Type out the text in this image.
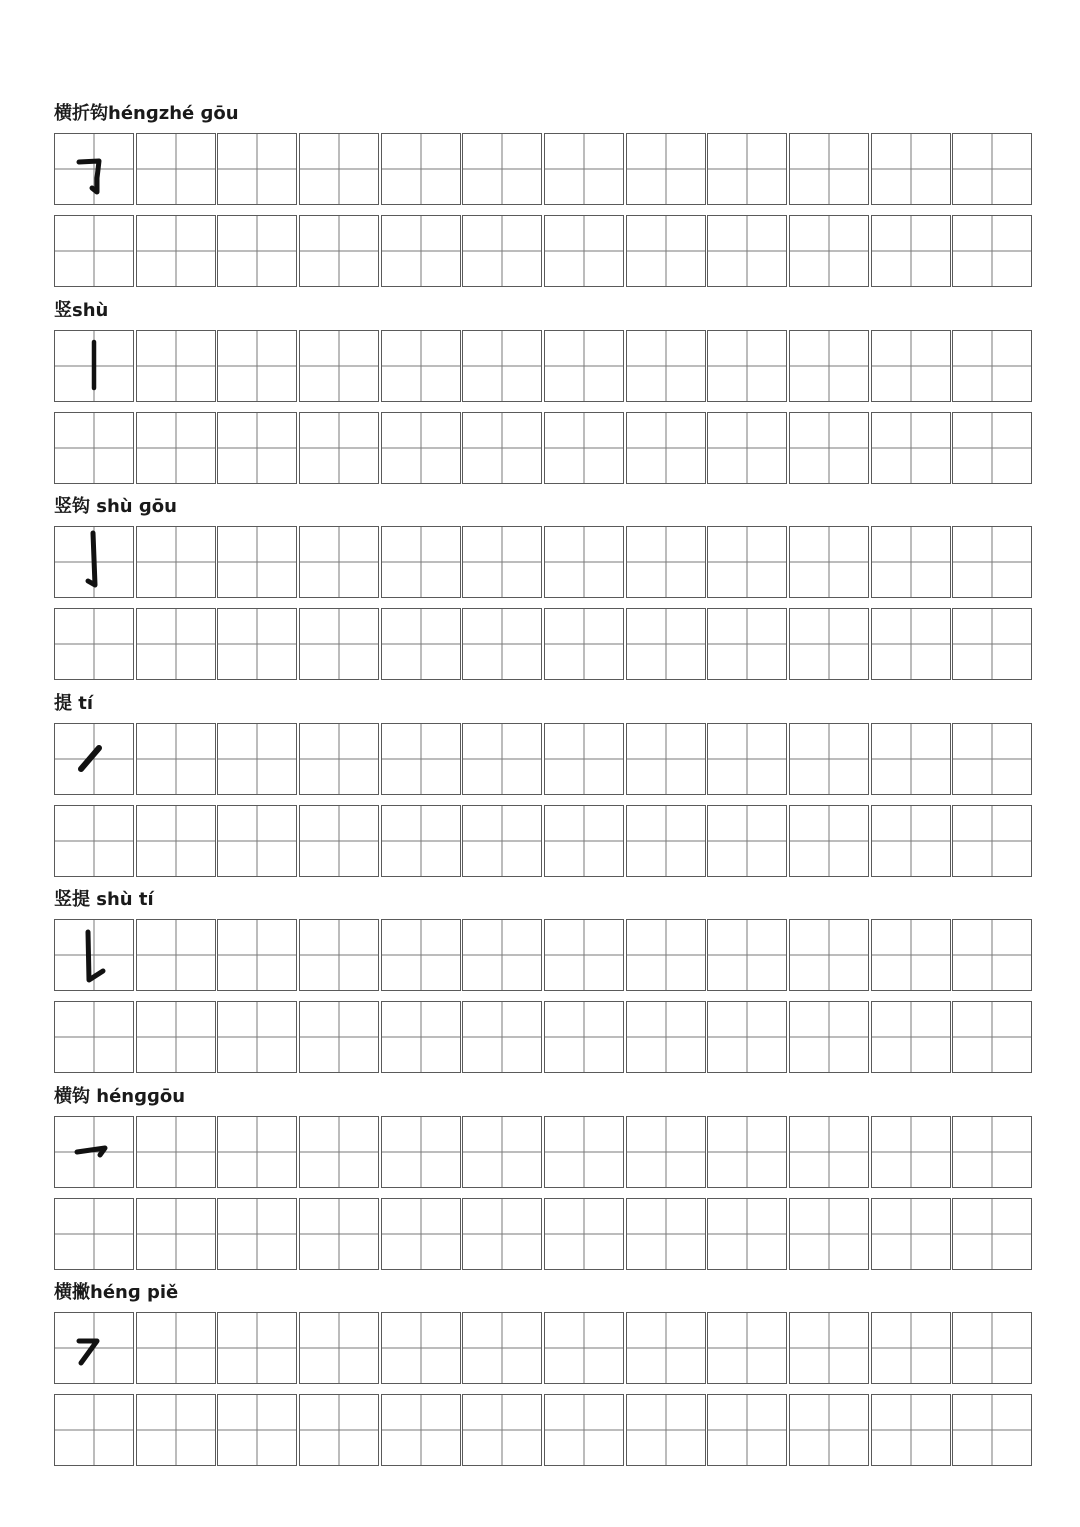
横折钩hénɡzhé ɡōu
竖shù
竖钩 shù ɡōu
提 tí
竖提 shù tí
横钩 hénɡɡōu
横撇hénɡ piě
